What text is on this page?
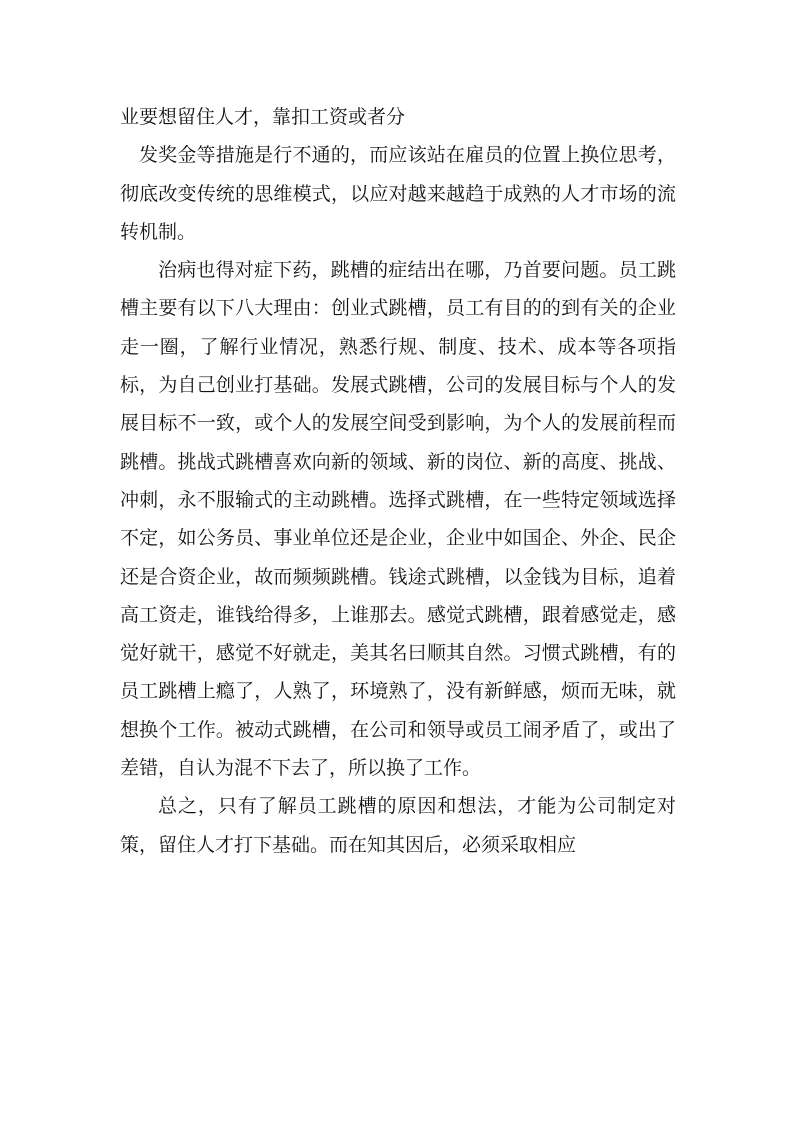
业要想留住人才，靠扣工资或者分

发奖金等措施是行不通的，而应该站在雇员的位置上换位思考，彻底改变传统的思维模式，以应对越来越趋于成熟的人才市场的流转机制。

治病也得对症下药，跳槽的症结出在哪，乃首要问题。员工跳槽主要有以下八大理由：创业式跳槽，员工有目的的到有关的企业走一圈，了解行业情况，熟悉行规、制度、技术、成本等各项指标，为自己创业打基础。发展式跳槽，公司的发展目标与个人的发展目标不一致，或个人的发展空间受到影响，为个人的发展前程而跳槽。挑战式跳槽喜欢向新的领域、新的岗位、新的高度、挑战、冲刺，永不服输式的主动跳槽。选择式跳槽，在一些特定领域选择不定，如公务员、事业单位还是企业，企业中如国企、外企、民企还是合资企业，故而频频跳槽。钱途式跳槽，以金钱为目标，追着高工资走，谁钱给得多，上谁那去。感觉式跳槽，跟着感觉走，感觉好就干，感觉不好就走，美其名曰顺其自然。习惯式跳槽，有的员工跳槽上瘾了，人熟了，环境熟了，没有新鲜感，烦而无味，就想换个工作。被动式跳槽，在公司和领导或员工闹矛盾了，或出了差错，自认为混不下去了，所以换了工作。

总之，只有了解员工跳槽的原因和想法，才能为公司制定对策，留住人才打下基础。而在知其因后，必须采取相应
